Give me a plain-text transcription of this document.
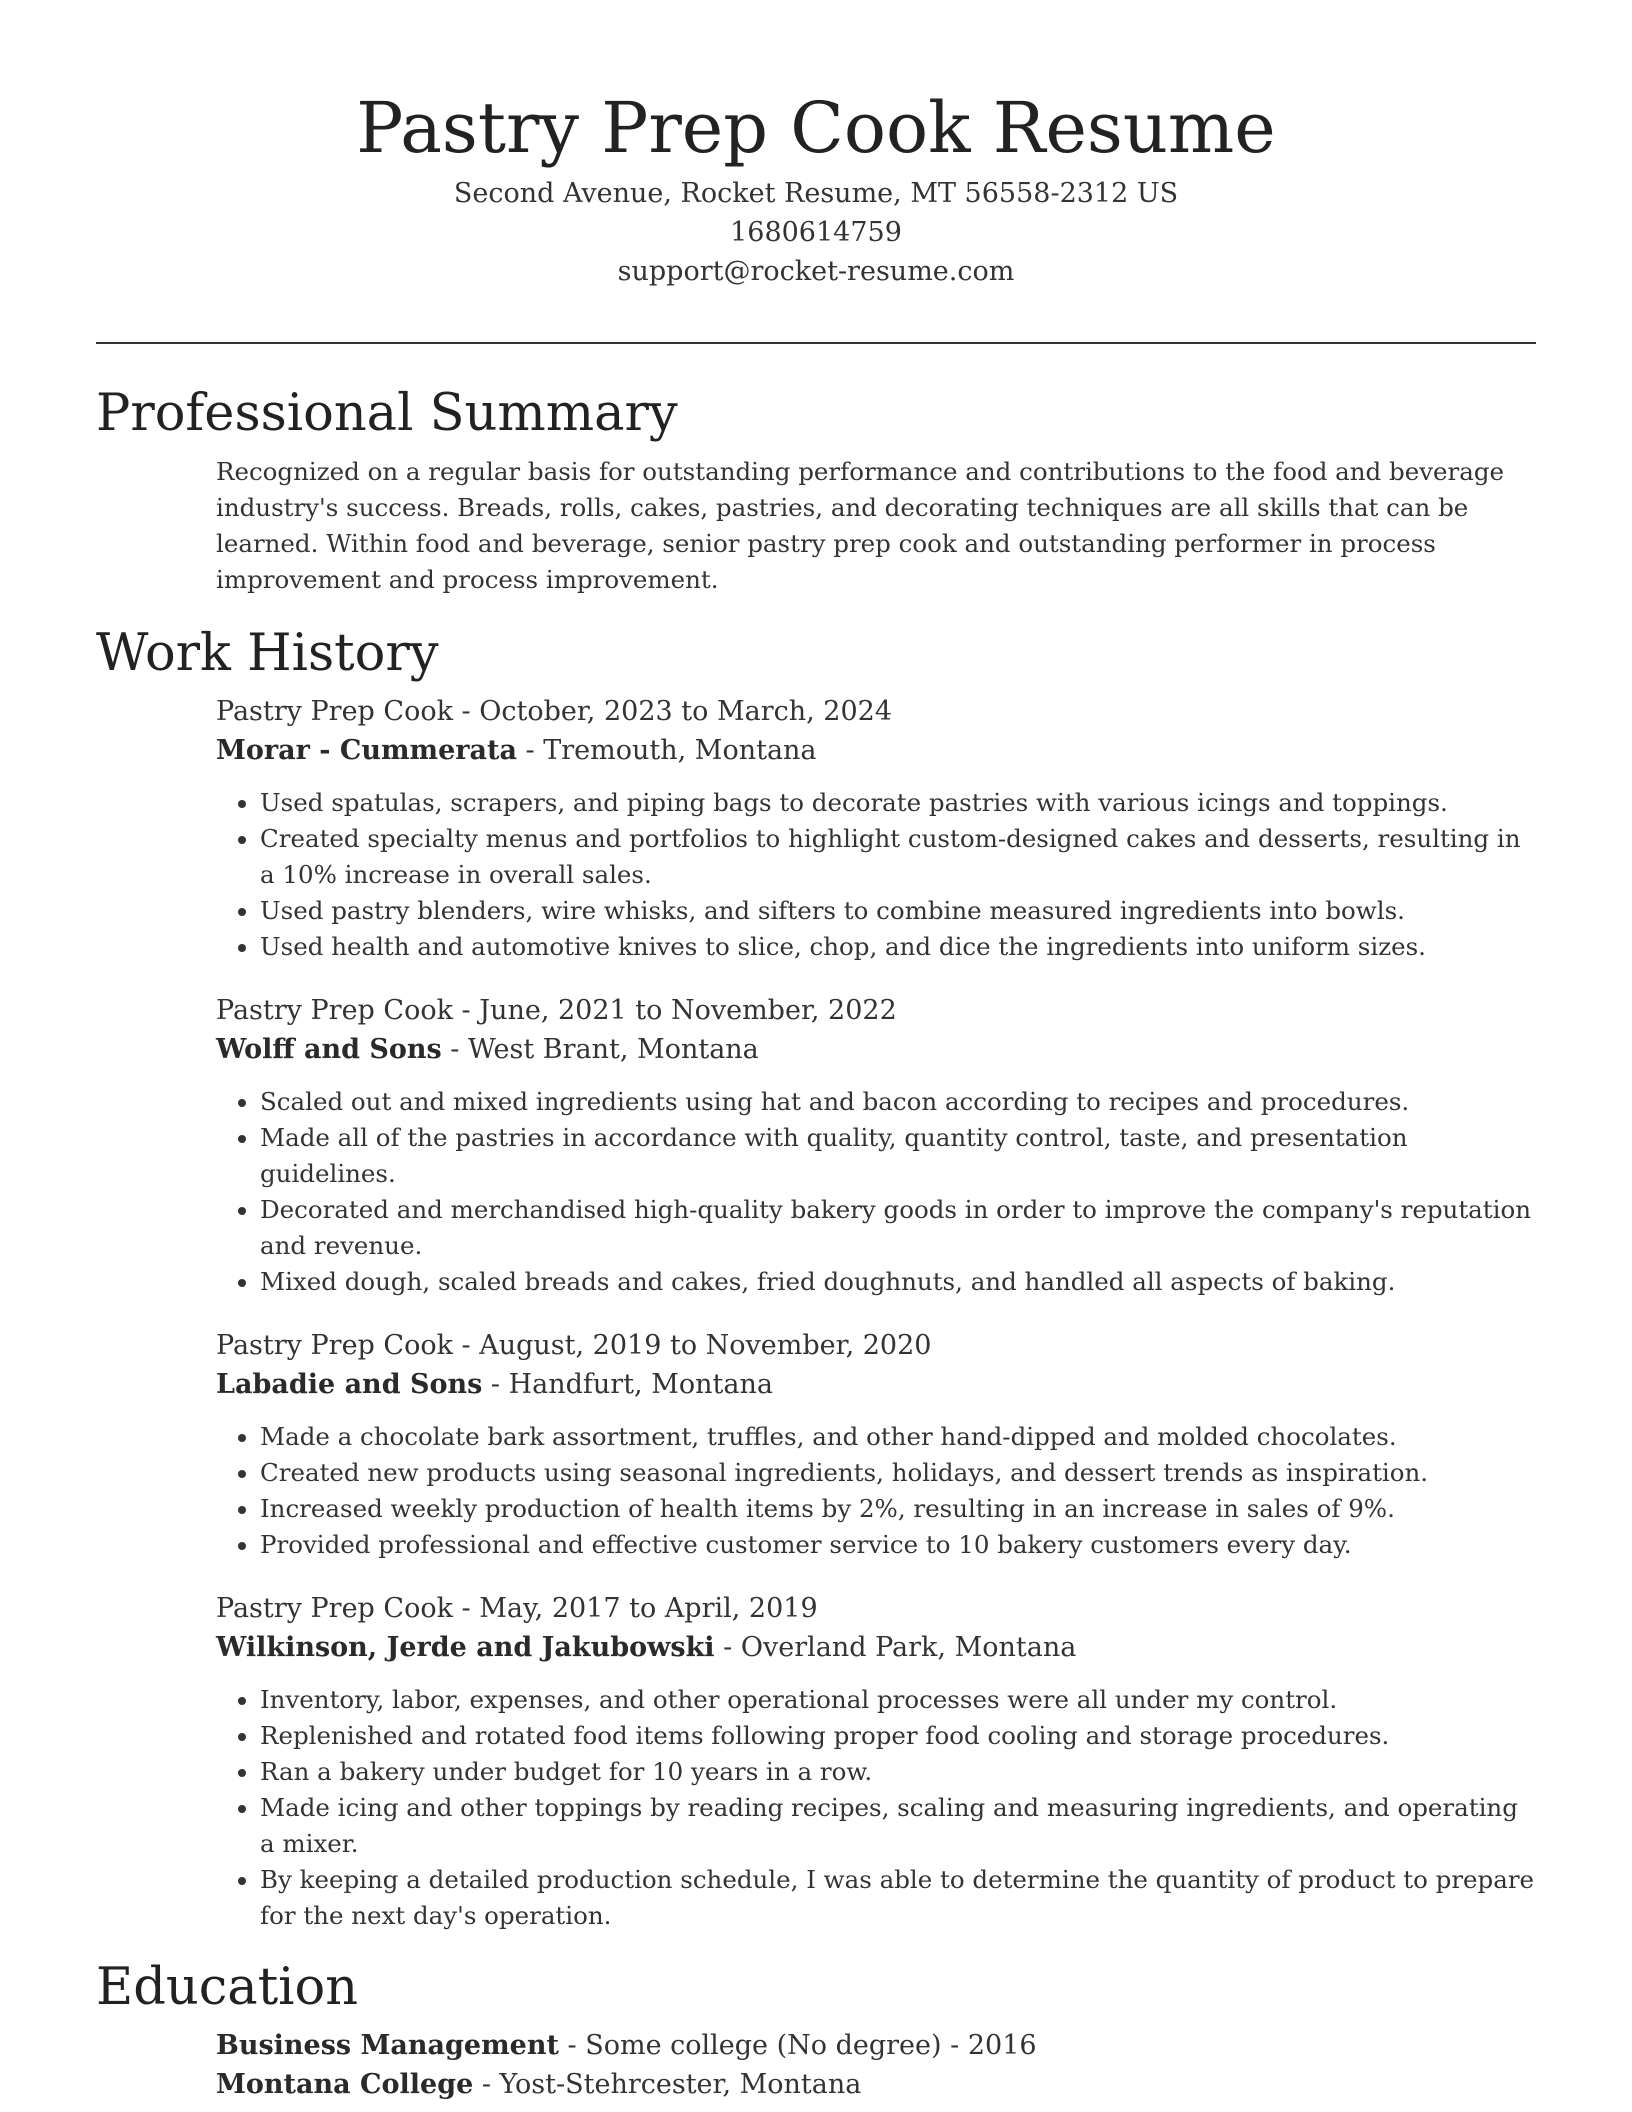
Pastry Prep Cook Resume
Second Avenue, Rocket Resume, MT 56558-2312 US
1680614759
support@rocket-resume.com
Professional Summary

Recognized on a regular basis for outstanding performance and contributions to the food and beverage industry's success. Breads, rolls, cakes, pastries, and decorating techniques are all skills that can be learned. Within food and beverage, senior pastry prep cook and outstanding performer in process improvement and process improvement.

Work History
Pastry Prep Cook - October, 2023 to March, 2024
Morar - Cummerata - Tremouth, Montana
• Used spatulas, scrapers, and piping bags to decorate pastries with various icings and toppings.
• Created specialty menus and portfolios to highlight custom-designed cakes and desserts, resulting in a 10% increase in overall sales.
• Used pastry blenders, wire whisks, and sifters to combine measured ingredients into bowls.
• Used health and automotive knives to slice, chop, and dice the ingredients into uniform sizes.
Pastry Prep Cook - June, 2021 to November, 2022
Wolff and Sons - West Brant, Montana
• Scaled out and mixed ingredients using hat and bacon according to recipes and procedures.
• Made all of the pastries in accordance with quality, quantity control, taste, and presentation guidelines.
• Decorated and merchandised high-quality bakery goods in order to improve the company's reputation and revenue.
• Mixed dough, scaled breads and cakes, fried doughnuts, and handled all aspects of baking.
Pastry Prep Cook - August, 2019 to November, 2020
Labadie and Sons - Handfurt, Montana
• Made a chocolate bark assortment, truffles, and other hand-dipped and molded chocolates.
• Created new products using seasonal ingredients, holidays, and dessert trends as inspiration.
• Increased weekly production of health items by 2%, resulting in an increase in sales of 9%.
• Provided professional and effective customer service to 10 bakery customers every day.
Pastry Prep Cook - May, 2017 to April, 2019
Wilkinson, Jerde and Jakubowski - Overland Park, Montana
• Inventory, labor, expenses, and other operational processes were all under my control.
• Replenished and rotated food items following proper food cooling and storage procedures.
• Ran a bakery under budget for 10 years in a row.
• Made icing and other toppings by reading recipes, scaling and measuring ingredients, and operating a mixer.
• By keeping a detailed production schedule, I was able to determine the quantity of product to prepare for the next day's operation.
Education
Business Management - Some college (No degree) - 2016
Montana College - Yost-Stehrcester, Montana
